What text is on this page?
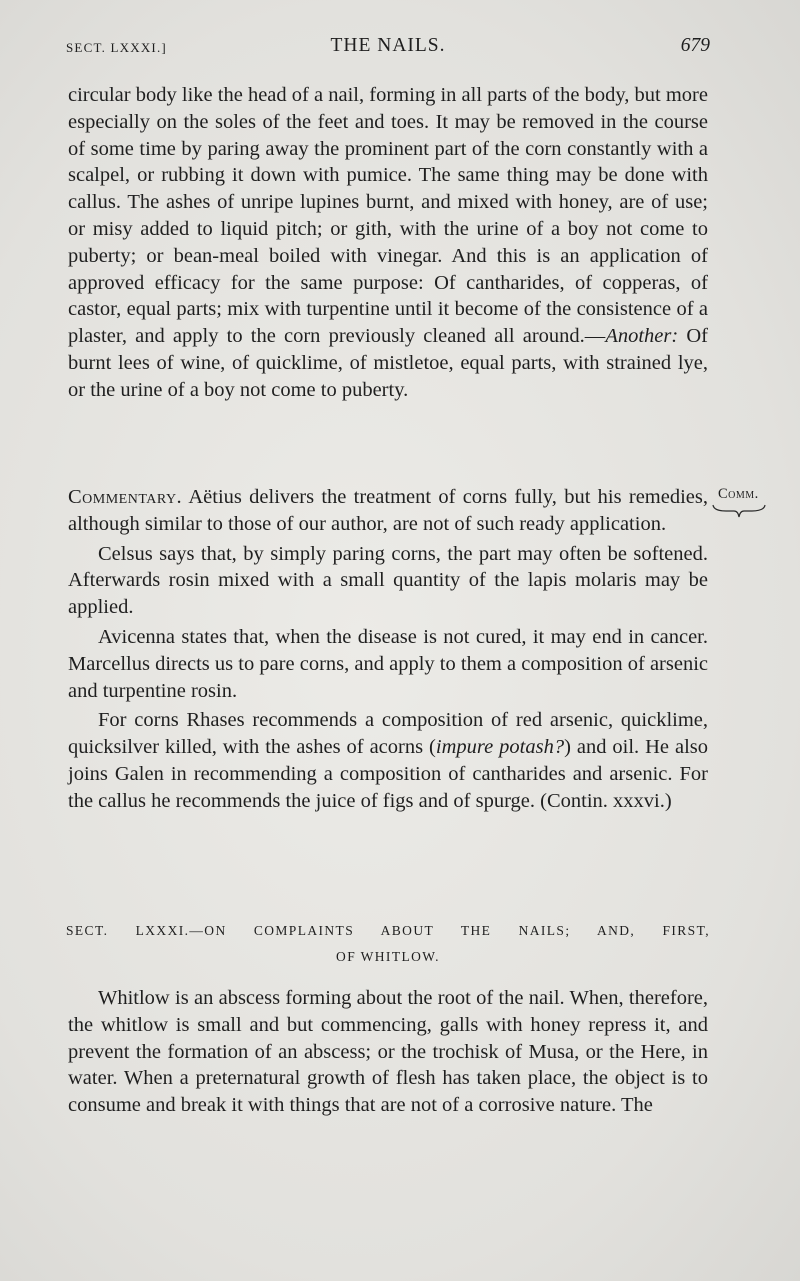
SECT. LXXXI.]	THE NAILS.	679

circular body like the head of a nail, forming in all parts of the body, but more especially on the soles of the feet and toes. It may be removed in the course of some time by paring away the prominent part of the corn constantly with a scalpel, or rubbing it down with pumice. The same thing may be done with callus. The ashes of unripe lupines burnt, and mixed with honey, are of use; or misy added to liquid pitch; or gith, with the urine of a boy not come to puberty; or bean-meal boiled with vinegar. And this is an application of approved efficacy for the same purpose: Of cantharides, of copperas, of castor, equal parts; mix with turpentine until it become of the consistence of a plaster, and apply to the corn previously cleaned all around.—Another: Of burnt lees of wine, of quicklime, of mistletoe, equal parts, with strained lye, or the urine of a boy not come to puberty.

Comm.

Commentary. Aëtius delivers the treatment of corns fully, but his remedies, although similar to those of our author, are not of such ready application.

Celsus says that, by simply paring corns, the part may often be softened. Afterwards rosin mixed with a small quantity of the lapis molaris may be applied.

Avicenna states that, when the disease is not cured, it may end in cancer. Marcellus directs us to pare corns, and apply to them a composition of arsenic and turpentine rosin.

For corns Rhases recommends a composition of red arsenic, quicklime, quicksilver killed, with the ashes of acorns (impure potash?) and oil. He also joins Galen in recommending a composition of cantharides and arsenic. For the callus he recommends the juice of figs and of spurge. (Contin. xxxvi.)

SECT. LXXXI.—ON COMPLAINTS ABOUT THE NAILS; AND, FIRST,
OF WHITLOW.

Whitlow is an abscess forming about the root of the nail. When, therefore, the whitlow is small and but commencing, galls with honey repress it, and prevent the formation of an abscess; or the trochisk of Musa, or the Here, in water. When a preternatural growth of flesh has taken place, the object is to consume and break it with things that are not of a corrosive nature. The
